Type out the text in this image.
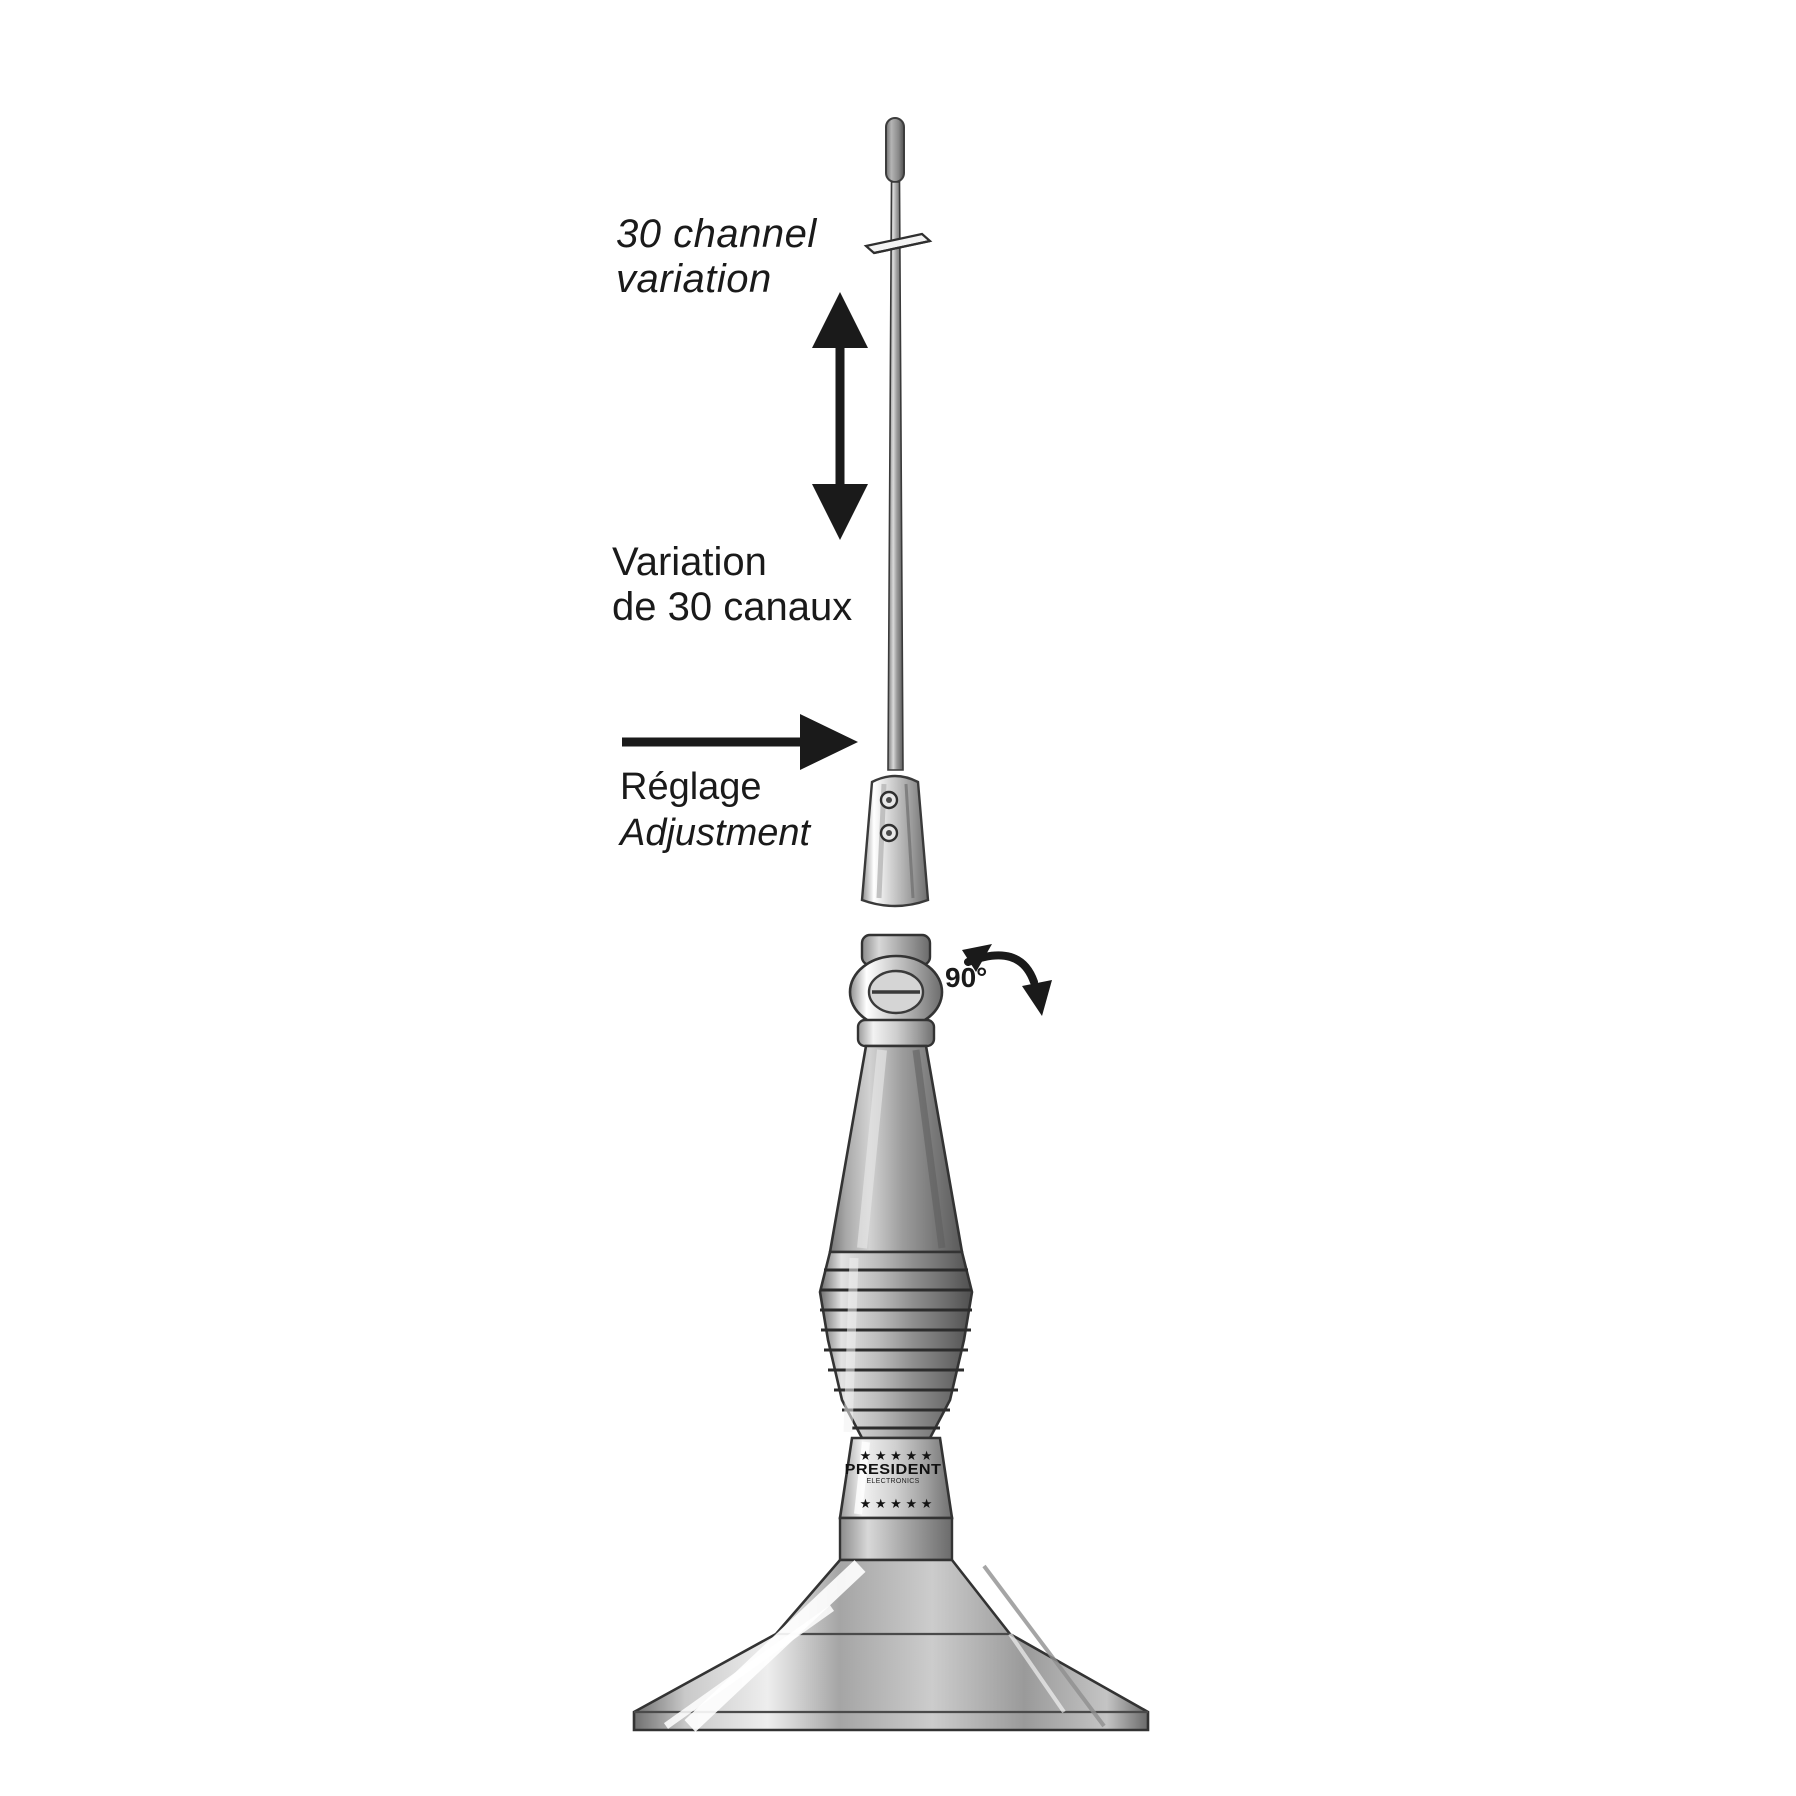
★ ★ ★ ★ ★
★ ★ ★ ★ ★
30 channel
variation
Variation
de 30 canaux
Réglage
Adjustment
90°
PRESIDENT
ELECTRONICS
